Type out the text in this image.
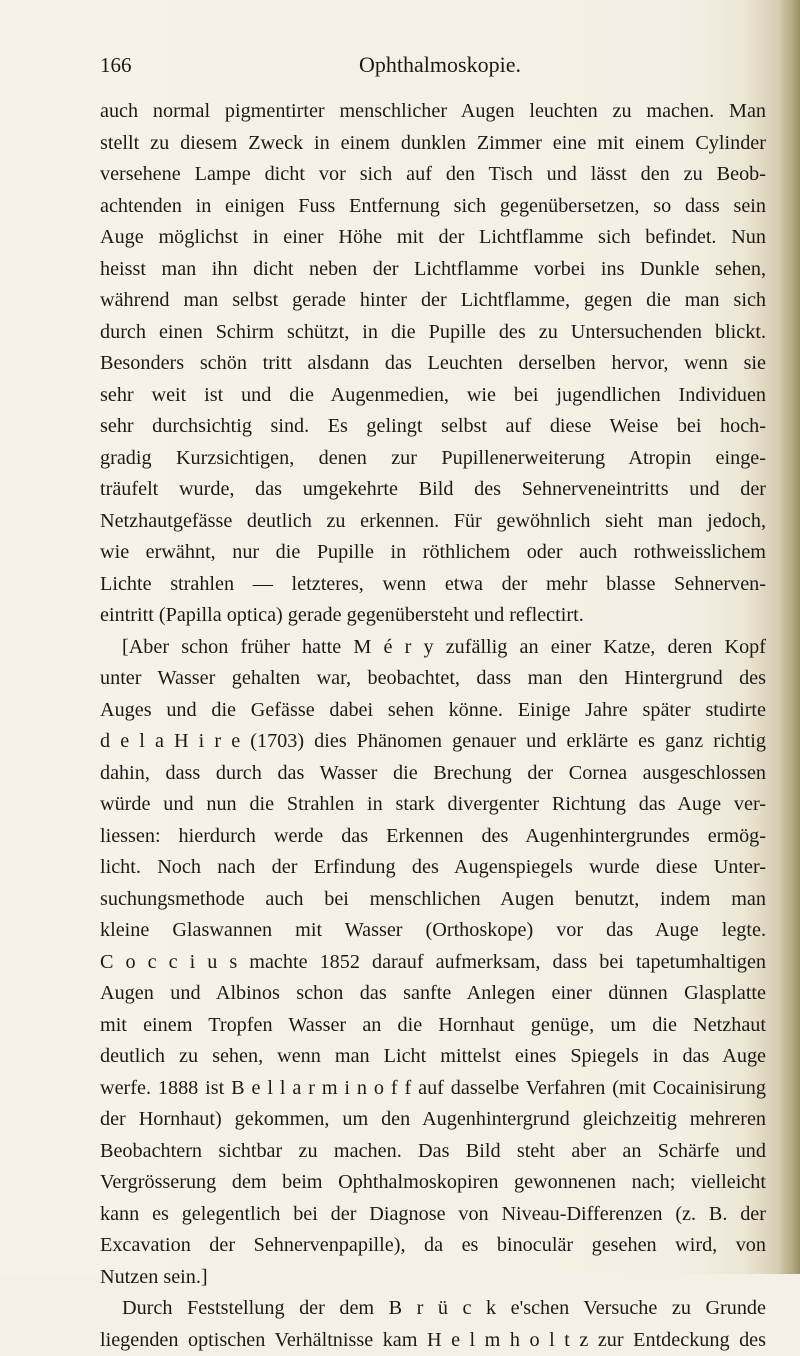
166	Ophthalmoskopie.
auch normal pigmentirter menschlicher Augen leuchten zu machen. Man
stellt zu diesem Zweck in einem dunklen Zimmer eine mit einem Cylinder
versehene Lampe dicht vor sich auf den Tisch und lässt den zu Beob-
achtenden in einigen Fuss Entfernung sich gegenübersetzen, so dass sein
Auge möglichst in einer Höhe mit der Lichtflamme sich befindet. Nun
heisst man ihn dicht neben der Lichtflamme vorbei ins Dunkle sehen,
während man selbst gerade hinter der Lichtflamme, gegen die man sich
durch einen Schirm schützt, in die Pupille des zu Untersuchenden blickt.
Besonders schön tritt alsdann das Leuchten derselben hervor, wenn sie
sehr weit ist und die Augenmedien, wie bei jugendlichen Individuen
sehr durchsichtig sind. Es gelingt selbst auf diese Weise bei hoch-
gradig Kurzsichtigen, denen zur Pupillenerweiterung Atropin einge-
träufelt wurde, das umgekehrte Bild des Sehnerveneintritts und der
Netzhautgefässe deutlich zu erkennen. Für gewöhnlich sieht man jedoch,
wie erwähnt, nur die Pupille in röthlichem oder auch rothweisslichem
Lichte strahlen — letzteres, wenn etwa der mehr blasse Sehnerven-
eintritt (Papilla optica) gerade gegenübersteht und reflectirt.
[Aber schon früher hatte M é r y zufällig an einer Katze, deren Kopf
unter Wasser gehalten war, beobachtet, dass man den Hintergrund des
Auges und die Gefässe dabei sehen könne. Einige Jahre später studirte
d e l a H i r e (1703) dies Phänomen genauer und erklärte es ganz richtig
dahin, dass durch das Wasser die Brechung der Cornea ausgeschlossen
würde und nun die Strahlen in stark divergenter Richtung das Auge ver-
liessen: hierdurch werde das Erkennen des Augenhintergrundes ermög-
licht. Noch nach der Erfindung des Augenspiegels wurde diese Unter-
suchungsmethode auch bei menschlichen Augen benutzt, indem man
kleine Glaswannen mit Wasser (Orthoskope) vor das Auge legte.
C o c c i u s machte 1852 darauf aufmerksam, dass bei tapetumhaltigen
Augen und Albinos schon das sanfte Anlegen einer dünnen Glasplatte
mit einem Tropfen Wasser an die Hornhaut genüge, um die Netzhaut
deutlich zu sehen, wenn man Licht mittelst eines Spiegels in das Auge
werfe. 1888 ist B e l l a r m i n o f f auf dasselbe Verfahren (mit Cocainisirung
der Hornhaut) gekommen, um den Augenhintergrund gleichzeitig mehreren
Beobachtern sichtbar zu machen. Das Bild steht aber an Schärfe und
Vergrösserung dem beim Ophthalmoskopiren gewonnenen nach; vielleicht
kann es gelegentlich bei der Diagnose von Niveau-Differenzen (z. B. der
Excavation der Sehnervenpapille), da es binoculär gesehen wird, von
Nutzen sein.]
Durch Feststellung der dem B r ü c k e'schen Versuche zu Grunde
liegenden optischen Verhältnisse kam H e l m h o l t z zur Entdeckung des
